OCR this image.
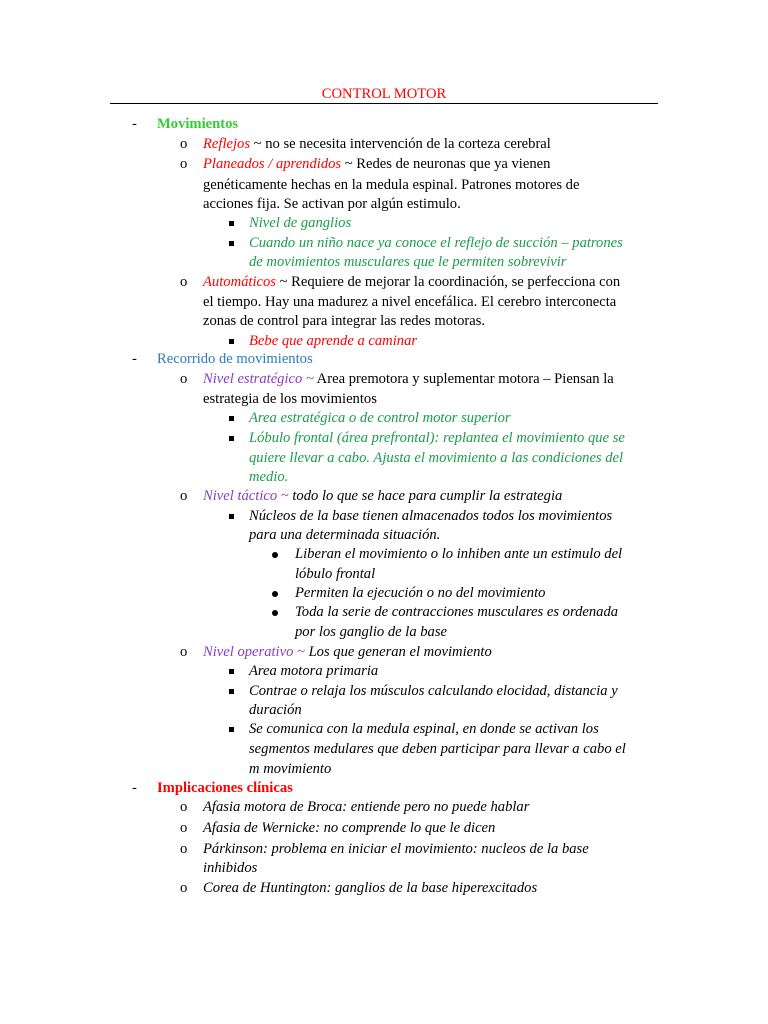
CONTROL MOTOR
- Movimientos
o Reflejos ~ no se necesita intervención de la corteza cerebral
o Planeados / aprendidos ~ Redes de neuronas que ya vienen
genéticamente hechas en la medula espinal. Patrones motores de
acciones fija. Se activan por algún estimulo.
Nivel de ganglios
Cuando un niño nace ya conoce el reflejo de succión – patrones
de movimientos musculares que le permiten sobrevivir
o Automáticos ~ Requiere de mejorar la coordinación, se perfecciona con
el tiempo. Hay una madurez a nivel encefálica. El cerebro interconecta
zonas de control para integrar las redes motoras.
Bebe que aprende a caminar
- Recorrido de movimientos
o Nivel estratégico ~ Area premotora y suplementar motora – Piensan la
estrategia de los movimientos
Area estratégica o de control motor superior
Lóbulo frontal (área prefrontal): replantea el movimiento que se
quiere llevar a cabo. Ajusta el movimiento a las condiciones del
medio.
o Nivel táctico ~ todo lo que se hace para cumplir la estrategia
Núcleos de la base tienen almacenados todos los movimientos
para una determinada situación.
Liberan el movimiento o lo inhiben ante un estimulo del
lóbulo frontal
Permiten la ejecución o no del movimiento
Toda la serie de contracciones musculares es ordenada
por los ganglio de la base
o Nivel operativo ~ Los que generan el movimiento
Area motora primaria
Contrae o relaja los músculos calculando elocidad, distancia y
duración
Se comunica con la medula espinal, en donde se activan los
segmentos medulares que deben participar para llevar a cabo el
m movimiento
- Implicaciones clínicas
o Afasia motora de Broca: entiende pero no puede hablar
o Afasia de Wernicke: no comprende lo que le dicen
o Párkinson: problema en iniciar el movimiento: nucleos de la base
inhibidos
o Corea de Huntington: ganglios de la base hiperexcitados
